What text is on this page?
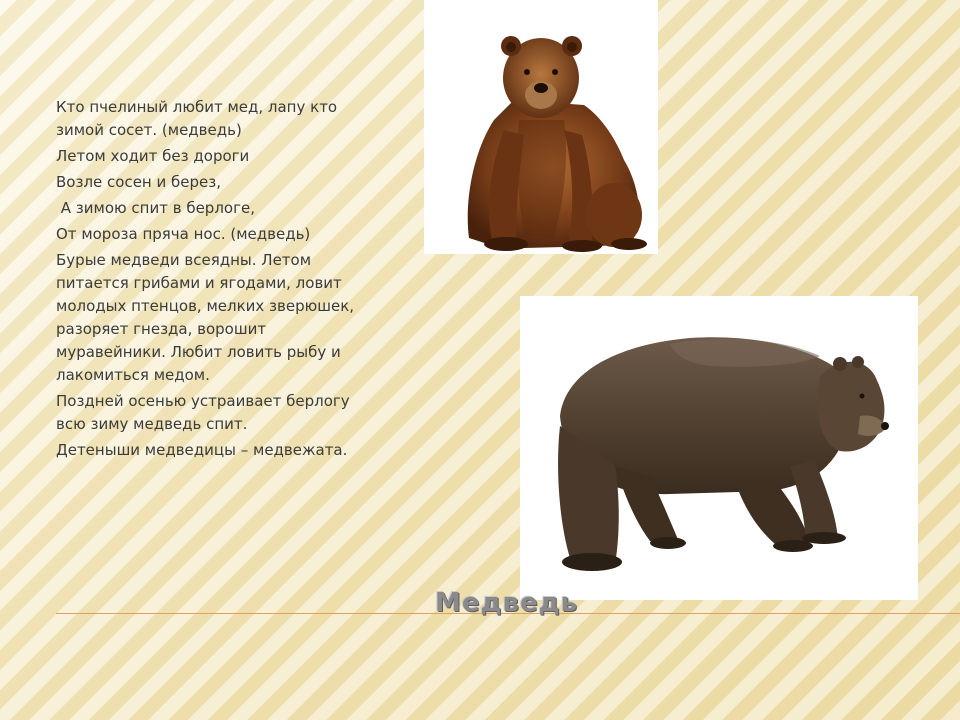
Кто пчелиный любит мед, лапу кто зимой сосет. (медведь)

Летом ходит без дороги

Возле сосен и берез,

А зимою спит в берлоге,

От мороза пряча нос. (медведь)

Бурые медведи всеядны. Летом питается грибами и ягодами, ловит молодых птенцов, мелких зверюшек, разоряет гнезда, ворошит муравейники. Любит ловить рыбу и лакомиться медом.

Поздней осенью устраивает берлогу всю зиму медведь спит.

Детеныши медведицы – медвежата.

Медведь
